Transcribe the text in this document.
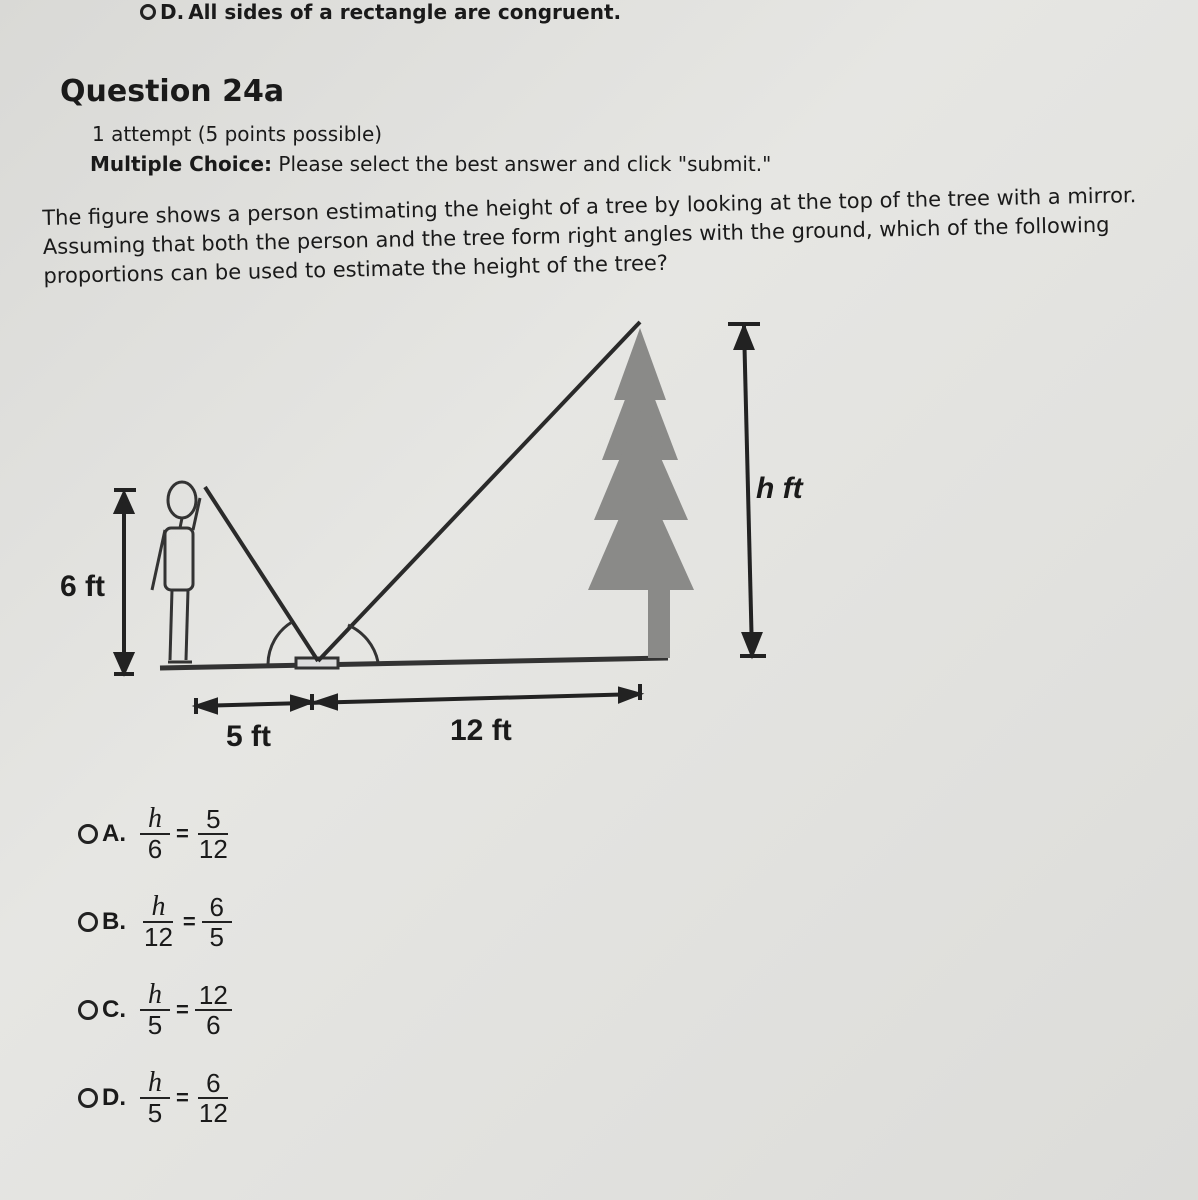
D. All sides of a rectangle are congruent.
Question 24a
1 attempt (5 points possible)
Multiple Choice: Please select the best answer and click "submit."
The figure shows a person estimating the height of a tree by looking at the top of the tree with a mirror. Assuming that both the person and the tree form right angles with the ground, which of the following proportions can be used to estimate the height of the tree?
6 ft
h ft
5 ft	12 ft
A. $\frac{h}{6} = \frac{5}{12}$
B. $\frac{h}{12} = \frac{6}{5}$
C. $\frac{h}{5} = \frac{12}{6}$
D. $\frac{h}{5} = \frac{6}{12}$
